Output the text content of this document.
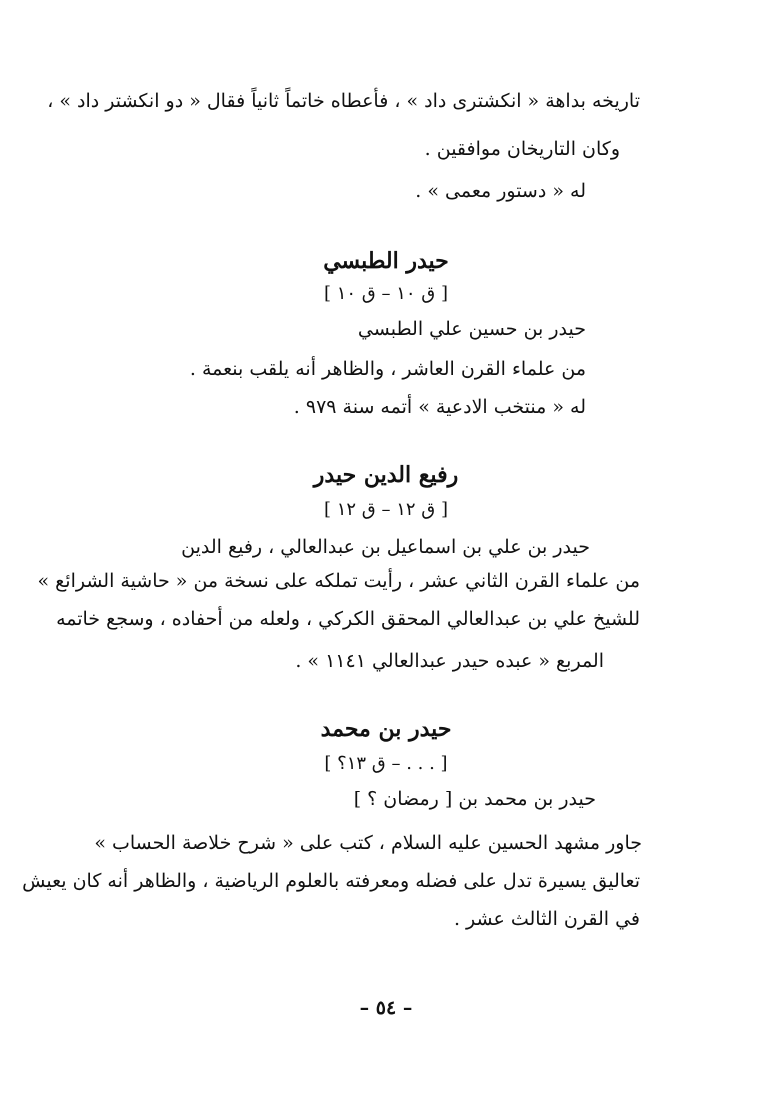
تاريخه بداهة « انكشترى داد » ، فأعطاه خاتماً ثانياً فقال « دو انكشتر داد » ،
وكان التاريخان موافقين .
له « دستور معمى » .
حيدر الطبسي
[ ق ١٠ – ق ١٠ ]
حيدر بن حسين علي الطبسي
من علماء القرن العاشر ، والظاهر أنه يلقب بنعمة .
له « منتخب الادعية » أتمه سنة ٩٧٩ .
رفيع الدين حيدر
[ ق ١٢ – ق ١٢ ]
حيدر بن علي بن اسماعيل بن عبدالعالي ، رفيع الدين
من علماء القرن الثاني عشر ، رأيت تملكه على نسخة من « حاشية الشرائع »
للشيخ علي بن عبدالعالي المحقق الكركي ، ولعله من أحفاده ، وسجع خاتمه
المربع « عبده حيدر عبدالعالي ١١٤١ » .
حيدر بن محمد
[ . . . – ق ١٣؟ ]
حيدر بن محمد بن [ رمضان ؟ ]
جاور مشهد الحسين عليه السلام ، كتب على « شرح خلاصة الحساب »
تعاليق يسيرة تدل على فضله ومعرفته بالعلوم الرياضية ، والظاهر أنه كان يعيش
في القرن الثالث عشر .
– ٥٤ –
